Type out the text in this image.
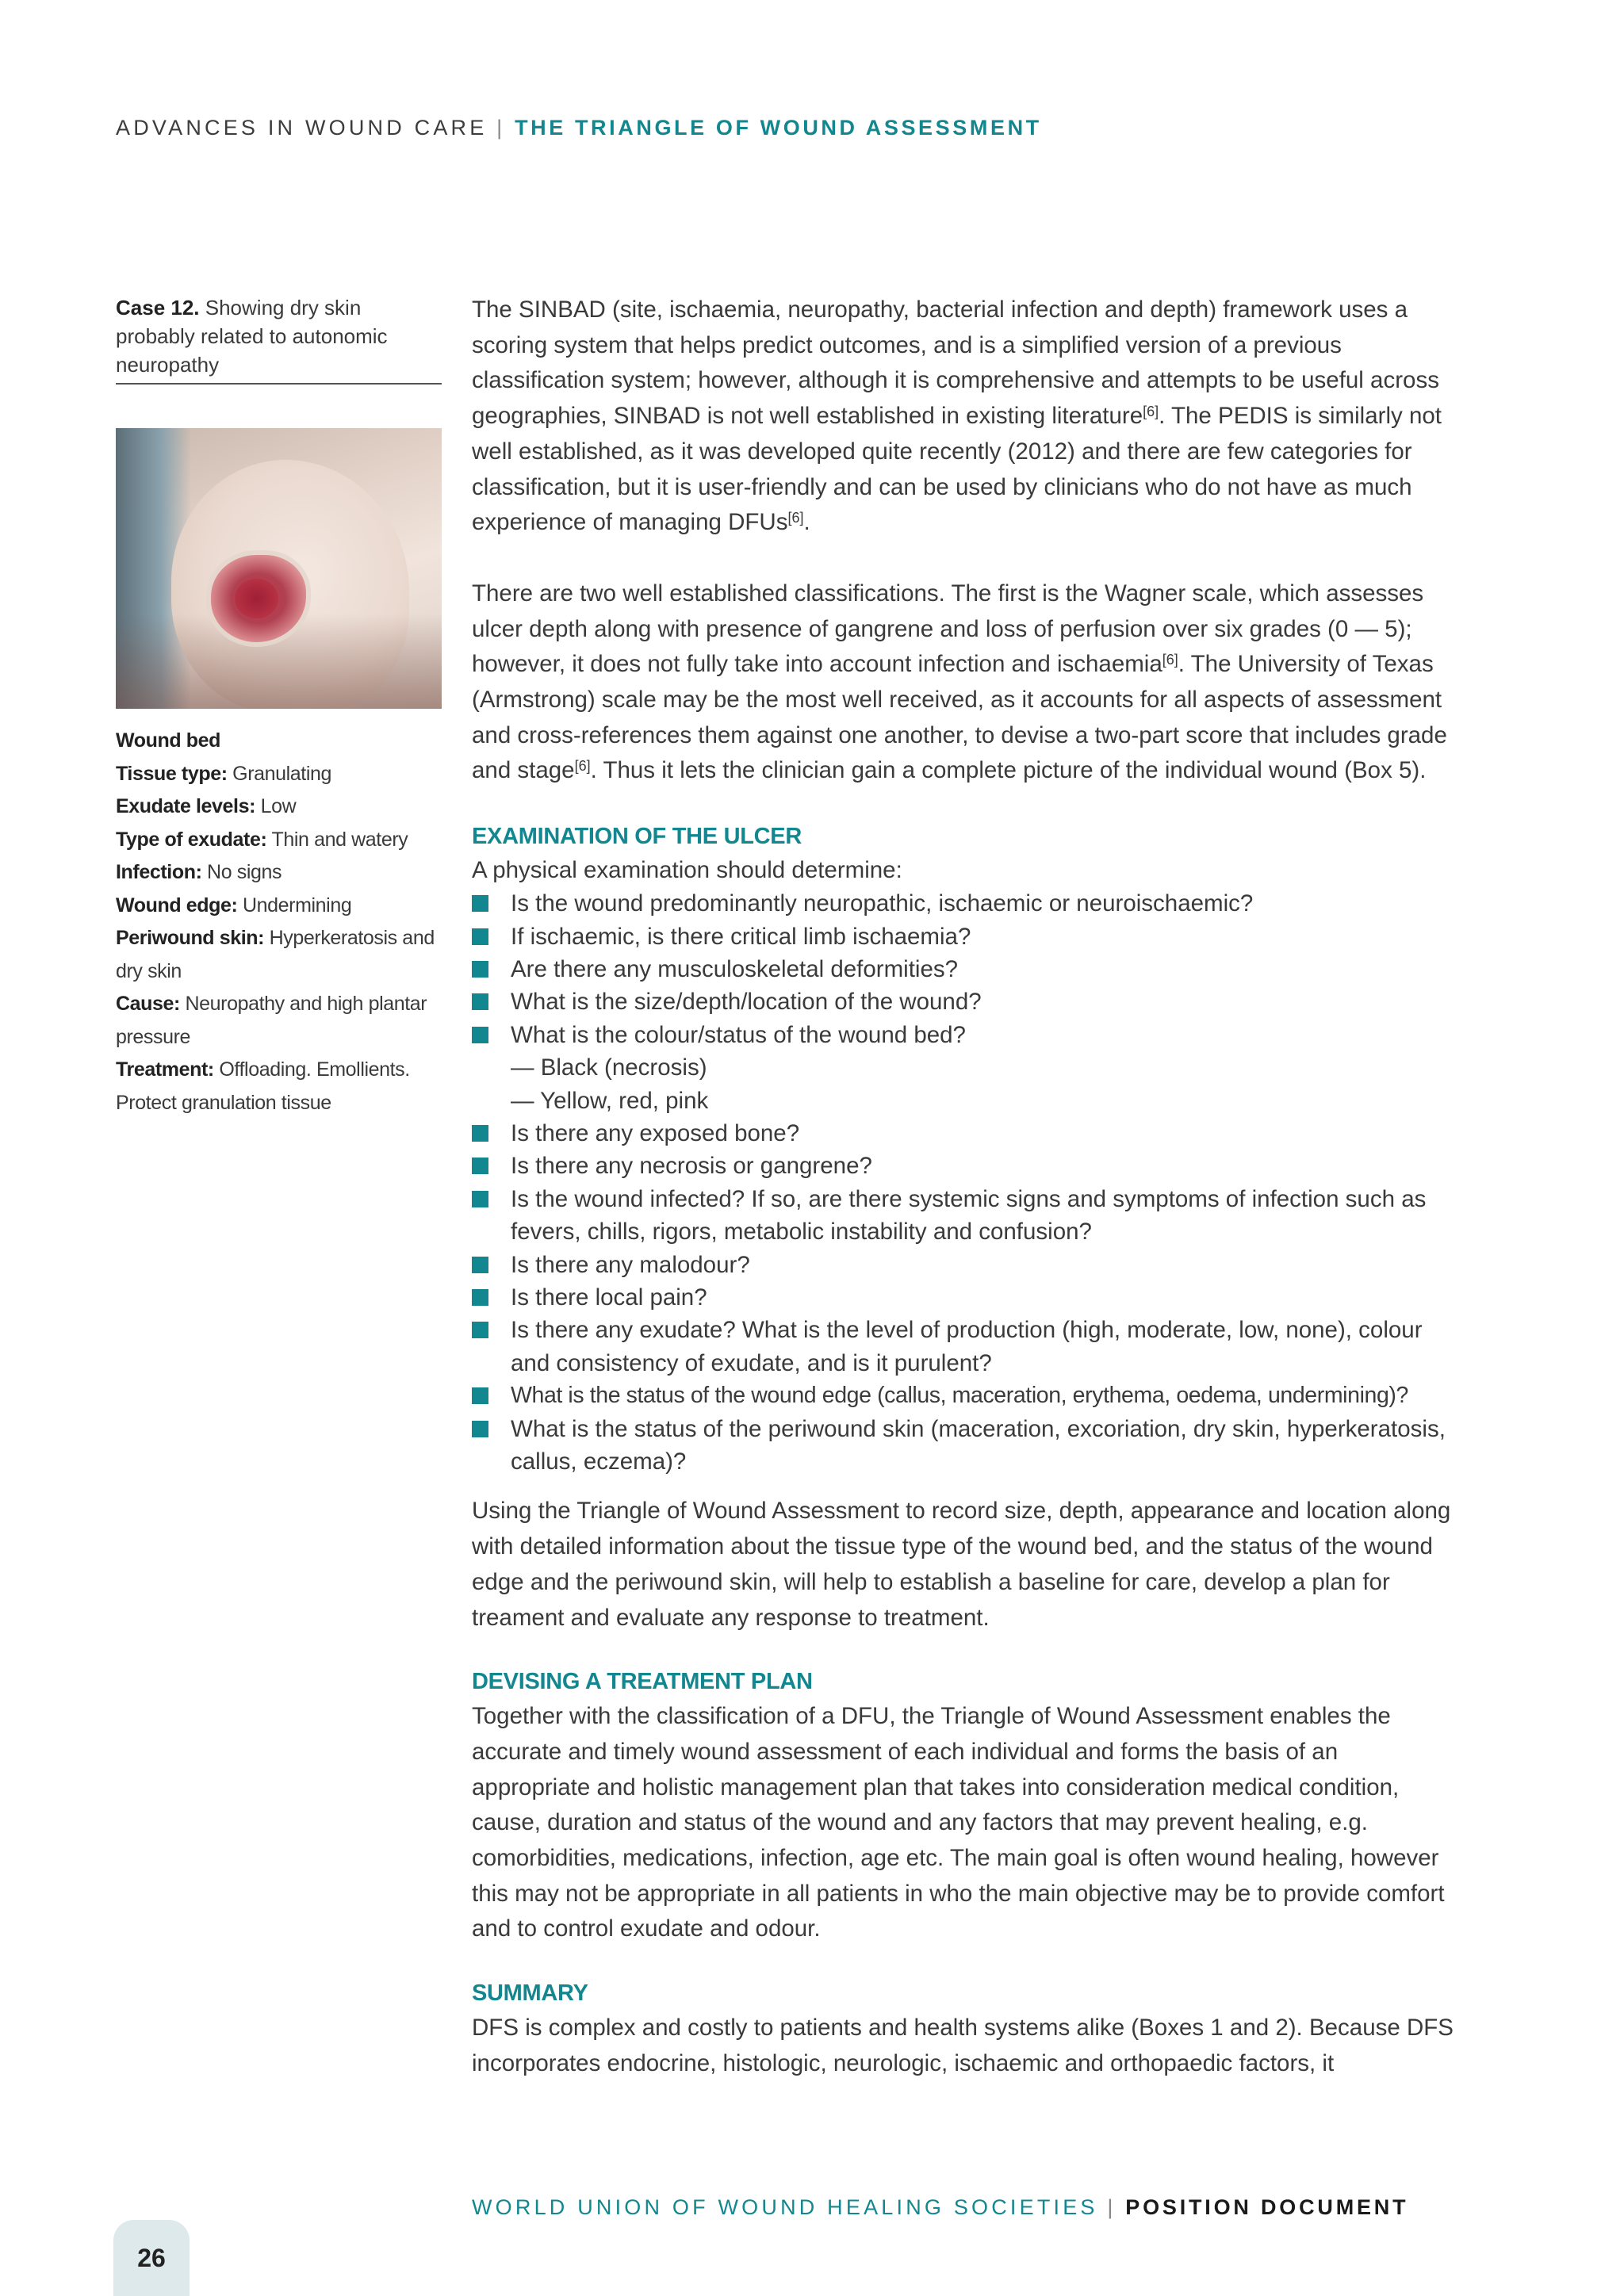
ADVANCES IN WOUND CARE | THE TRIANGLE OF WOUND ASSESSMENT
Case 12. Showing dry skin probably related to autonomic neuropathy
Wound bed
Tissue type: Granulating
Exudate levels: Low
Type of exudate: Thin and watery
Infection: No signs
Wound edge: Undermining
Periwound skin: Hyperkeratosis and dry skin
Cause: Neuropathy and high plantar pressure
Treatment: Offloading. Emollients. Protect granulation tissue

The SINBAD (site, ischaemia, neuropathy, bacterial infection and depth) framework uses a scoring system that helps predict outcomes, and is a simplified version of a previous classification system; however, although it is comprehensive and attempts to be useful across geographies, SINBAD is not well established in existing literature[6]. The PEDIS is similarly not well established, as it was developed quite recently (2012) and there are few categories for classification, but it is user-friendly and can be used by clinicians who do not have as much experience of managing DFUs[6].

There are two well established classifications. The first is the Wagner scale, which assesses ulcer depth along with presence of gangrene and loss of perfusion over six grades (0 — 5); however, it does not fully take into account infection and ischaemia[6]. The University of Texas (Armstrong) scale may be the most well received, as it accounts for all aspects of assessment and cross-references them against one another, to devise a two-part score that includes grade and stage[6]. Thus it lets the clinician gain a complete picture of the individual wound (Box 5).

EXAMINATION OF THE ULCER

A physical examination should determine:

Is the wound predominantly neuropathic, ischaemic or neuroischaemic?
If ischaemic, is there critical limb ischaemia?
Are there any musculoskeletal deformities?
What is the size/depth/location of the wound?
What is the colour/status of the wound bed?
— Black (necrosis)
— Yellow, red, pink
Is there any exposed bone?
Is there any necrosis or gangrene?
Is the wound infected? If so, are there systemic signs and symptoms of infection such as fevers, chills, rigors, metabolic instability and confusion?
Is there any malodour?
Is there local pain?
Is there any exudate? What is the level of production (high, moderate, low, none), colour and consistency of exudate, and is it purulent?
What is the status of the wound edge (callus, maceration, erythema, oedema, undermining)?
What is the status of the periwound skin (maceration, excoriation, dry skin, hyperkeratosis, callus, eczema)?

Using the Triangle of Wound Assessment to record size, depth, appearance and location along with detailed information about the tissue type of the wound bed, and the status of the wound edge and the periwound skin, will help to establish a baseline for care, develop a plan for treament and evaluate any response to treatment.

DEVISING A TREATMENT PLAN

Together with the classification of a DFU, the Triangle of Wound Assessment enables the accurate and timely wound assessment of each individual and forms the basis of an appropriate and holistic management plan that takes into consideration medical condition, cause, duration and status of the wound and any factors that may prevent healing, e.g. comorbidities, medications, infection, age etc. The main goal is often wound healing, however this may not be appropriate in all patients in who the main objective may be to provide comfort and to control exudate and odour.

SUMMARY

DFS is complex and costly to patients and health systems alike (Boxes 1 and 2). Because DFS incorporates endocrine, histologic, neurologic, ischaemic and orthopaedic factors, it

WORLD UNION OF WOUND HEALING SOCIETIES | POSITION DOCUMENT
26
